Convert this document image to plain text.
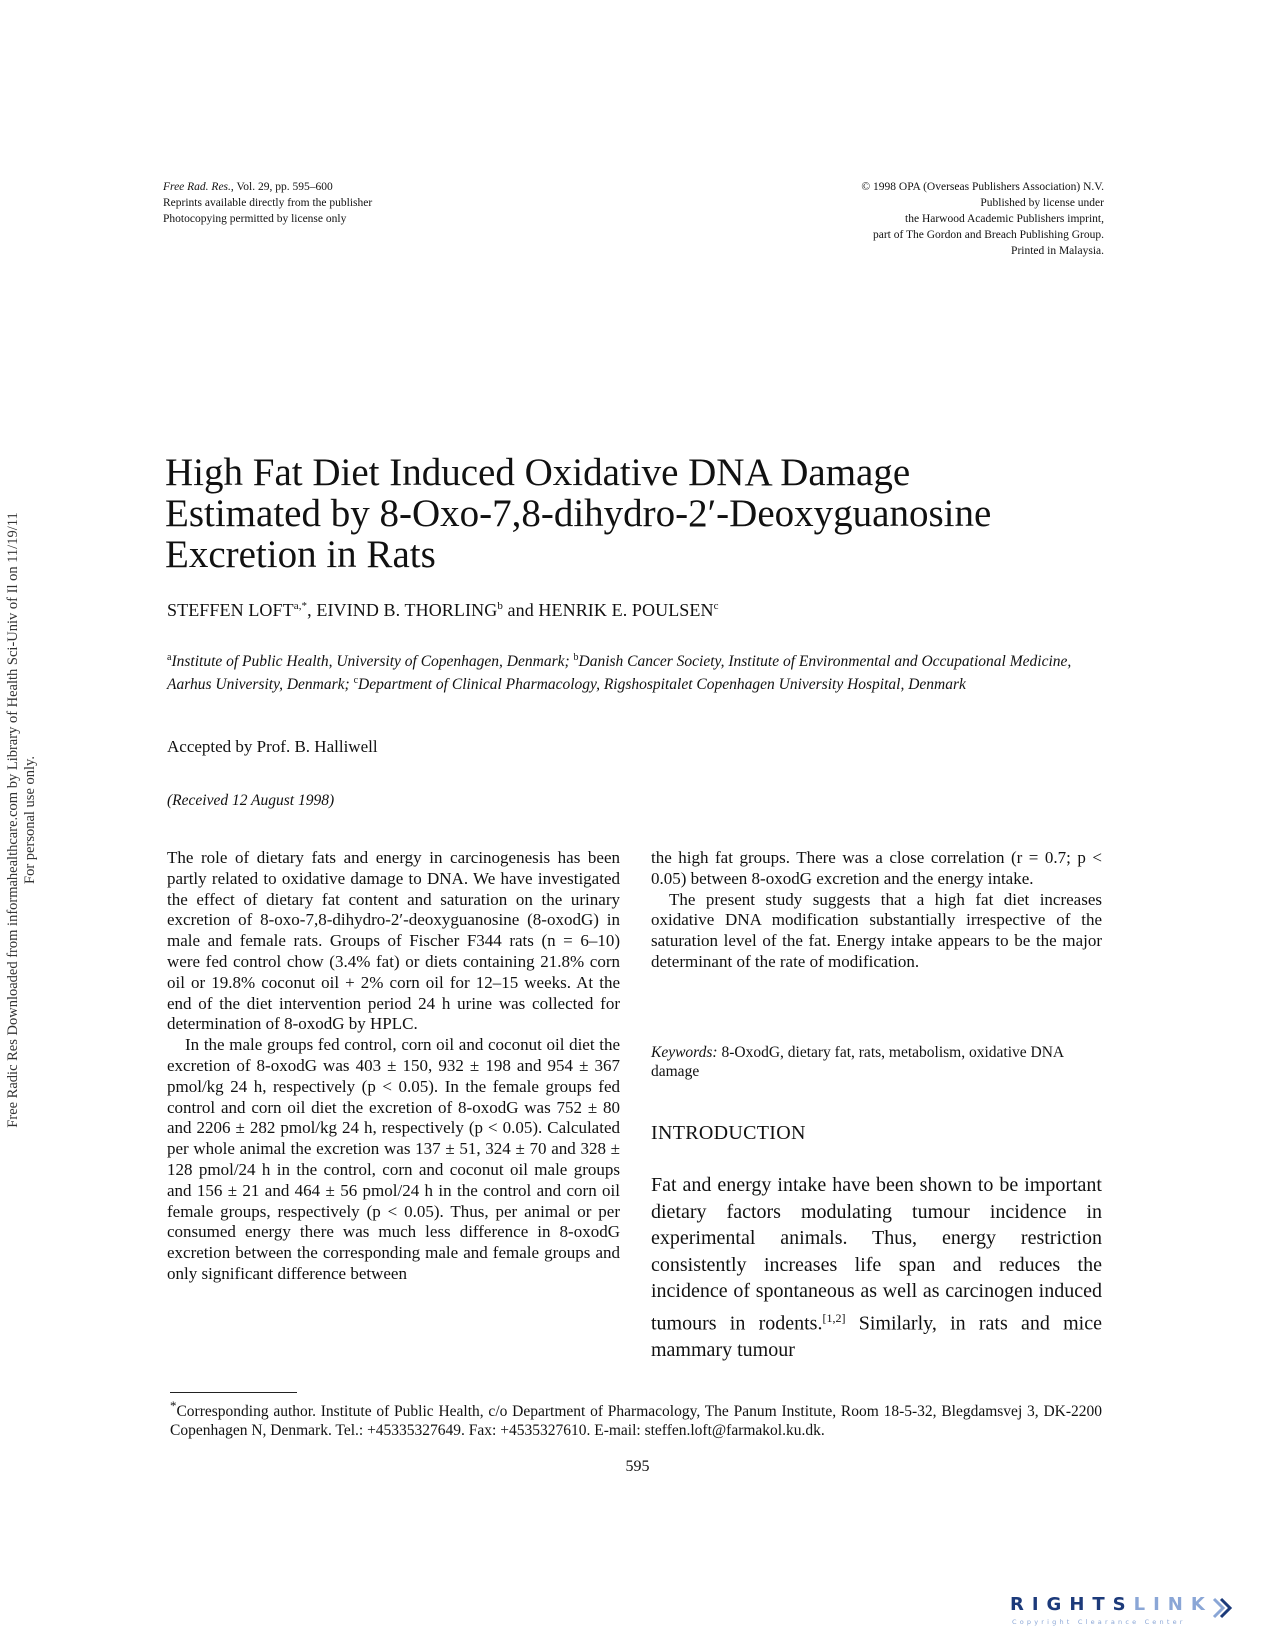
Free Radic Res Downloaded from informahealthcare.com by Library of Health Sci-Univ of Il on 11/19/11 For personal use only.
Free Rad. Res., Vol. 29, pp. 595–600
Reprints available directly from the publisher
Photocopying permitted by license only
© 1998 OPA (Overseas Publishers Association) N.V.
Published by license under
the Harwood Academic Publishers imprint,
part of The Gordon and Breach Publishing Group.
Printed in Malaysia.
High Fat Diet Induced Oxidative DNA Damage
Estimated by 8-Oxo-7,8-dihydro-2′-Deoxyguanosine
Excretion in Rats
STEFFEN $LOFT^{a,*}$, EIVIND B. THORLING$^b$ and HENRIK E. POULSEN$^c$
$^a$Institute of Public Health, University of Copenhagen, Denmark; $^b$Danish Cancer Society, Institute of Environmental and Occupational Medicine, Aarhus University, Denmark; $^c$Department of Clinical Pharmacology, Rigshospitalet Copenhagen University Hospital, Denmark
Accepted by Prof. B. Halliwell
(Received 12 August 1998)

The role of dietary fats and energy in carcinogenesis has been partly related to oxidative damage to DNA. We have investigated the effect of dietary fat content and saturation on the urinary excretion of 8-oxo-7,8-dihydro-2′-deoxyguanosine (8-oxodG) in male and female rats. Groups of Fischer F344 rats (n = 6–10) were fed control chow (3.4% fat) or diets containing 21.8% corn oil or 19.8% coconut oil + 2% corn oil for 12–15 weeks. At the end of the diet intervention period 24 h urine was collected for determination of 8-oxodG by HPLC.

In the male groups fed control, corn oil and coconut oil diet the excretion of 8-oxodG was 403 ± 150, 932 ± 198 and 954 ± 367 pmol/kg 24 h, respectively (p < 0.05). In the female groups fed control and corn oil diet the excretion of 8-oxodG was 752 ± 80 and 2206 ± 282 pmol/kg 24 h, respectively (p < 0.05). Calculated per whole animal the excretion was 137 ± 51, 324 ± 70 and 328 ± 128 pmol/24 h in the control, corn and coconut oil male groups and 156 ± 21 and 464 ± 56 pmol/24 h in the control and corn oil female groups, respectively (p < 0.05). Thus, per animal or per consumed energy there was much less difference in 8-oxodG excretion between the corresponding male and female groups and only significant difference between

the high fat groups. There was a close correlation (r = 0.7; p < 0.05) between 8-oxodG excretion and the energy intake.

The present study suggests that a high fat diet increases oxidative DNA modification substantially irrespective of the saturation level of the fat. Energy intake appears to be the major determinant of the rate of modification.

Keywords: 8-OxodG, dietary fat, rats, metabolism, oxidative DNA damage
INTRODUCTION
Fat and energy intake have been shown to be important dietary factors modulating tumour incidence in experimental animals. Thus, energy restriction consistently increases life span and reduces the incidence of spontaneous as well as carcinogen induced tumours in rodents.[1,2] Similarly, in rats and mice mammary tumour
*Corresponding author. Institute of Public Health, c/o Department of Pharmacology, The Panum Institute, Room 18-5-32, Blegdamsvej 3, DK-2200 Copenhagen N, Denmark. Tel.: +45335327649. Fax: +4535327610. E-mail: steffen.loft@farmakol.ku.dk.
595
RIGHTSLINK
Copyright Clearance Center
